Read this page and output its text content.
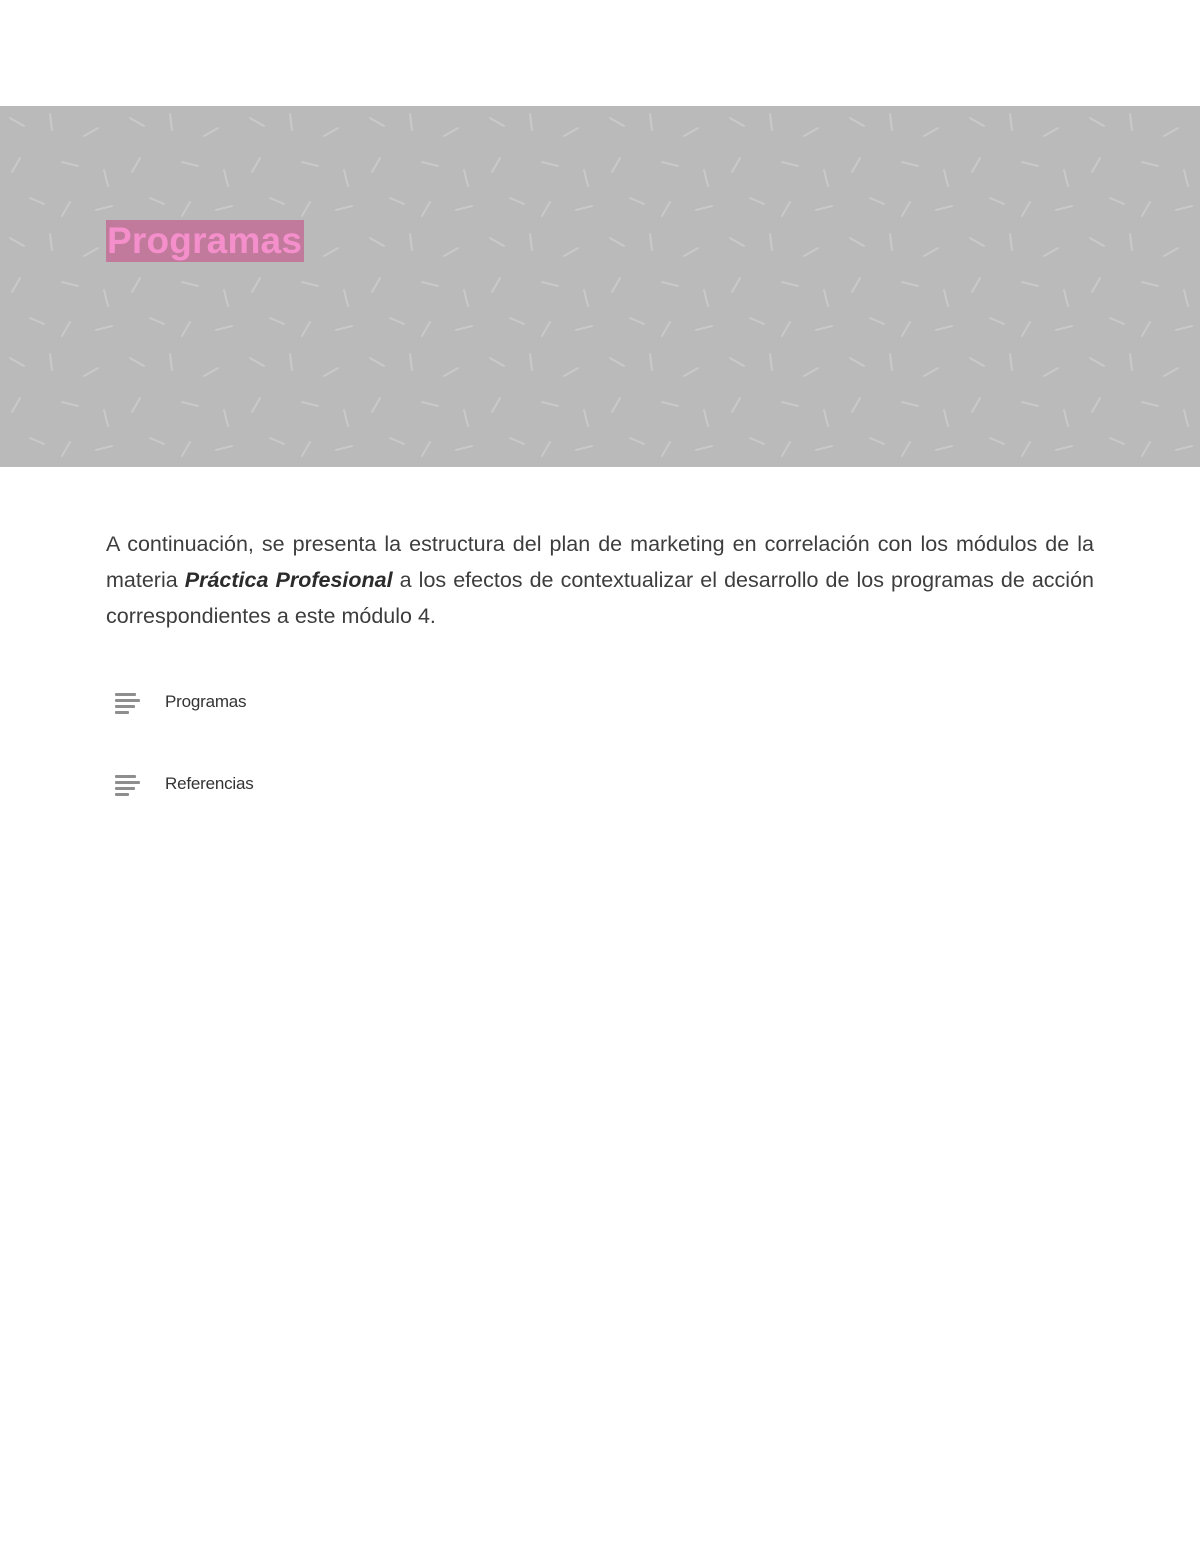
Programas

A continuación, se presenta la estructura del plan de marketing en correlación con los módulos de la materia Práctica Profesional a los efectos de contextualizar el desarrollo de los programas de acción correspondientes a este módulo 4.

Programas
Referencias
